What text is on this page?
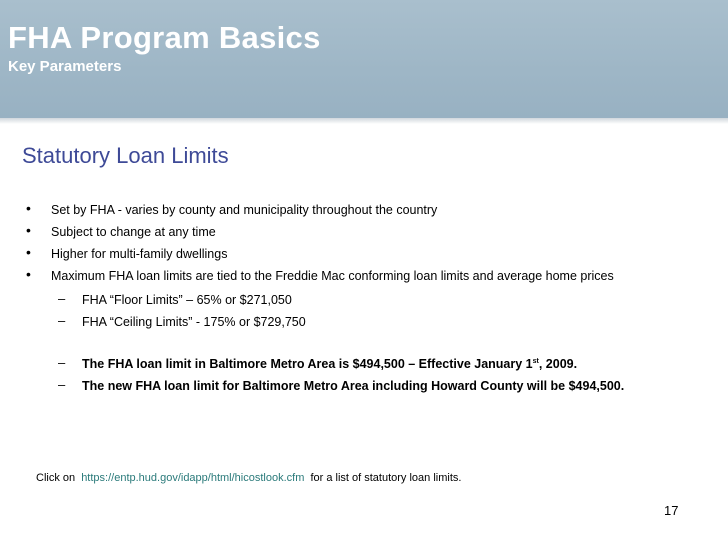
FHA Program Basics
Key Parameters
Statutory Loan Limits
• Set by FHA - varies by county and municipality throughout the country
• Subject to change at any time
• Higher for multi-family dwellings
• Maximum FHA loan limits are tied to the Freddie Mac conforming loan limits and average home prices
– FHA “Floor Limits” – 65% or $271,050
– FHA “Ceiling Limits” - 175% or $729,750
– The FHA loan limit in Baltimore Metro Area is $494,500 – Effective January 1st, 2009.
– The new FHA loan limit for Baltimore Metro Area including Howard County will be $494,500.
Click on https://entp.hud.gov/idapp/html/hicostlook.cfm for a list of statutory loan limits.
17
